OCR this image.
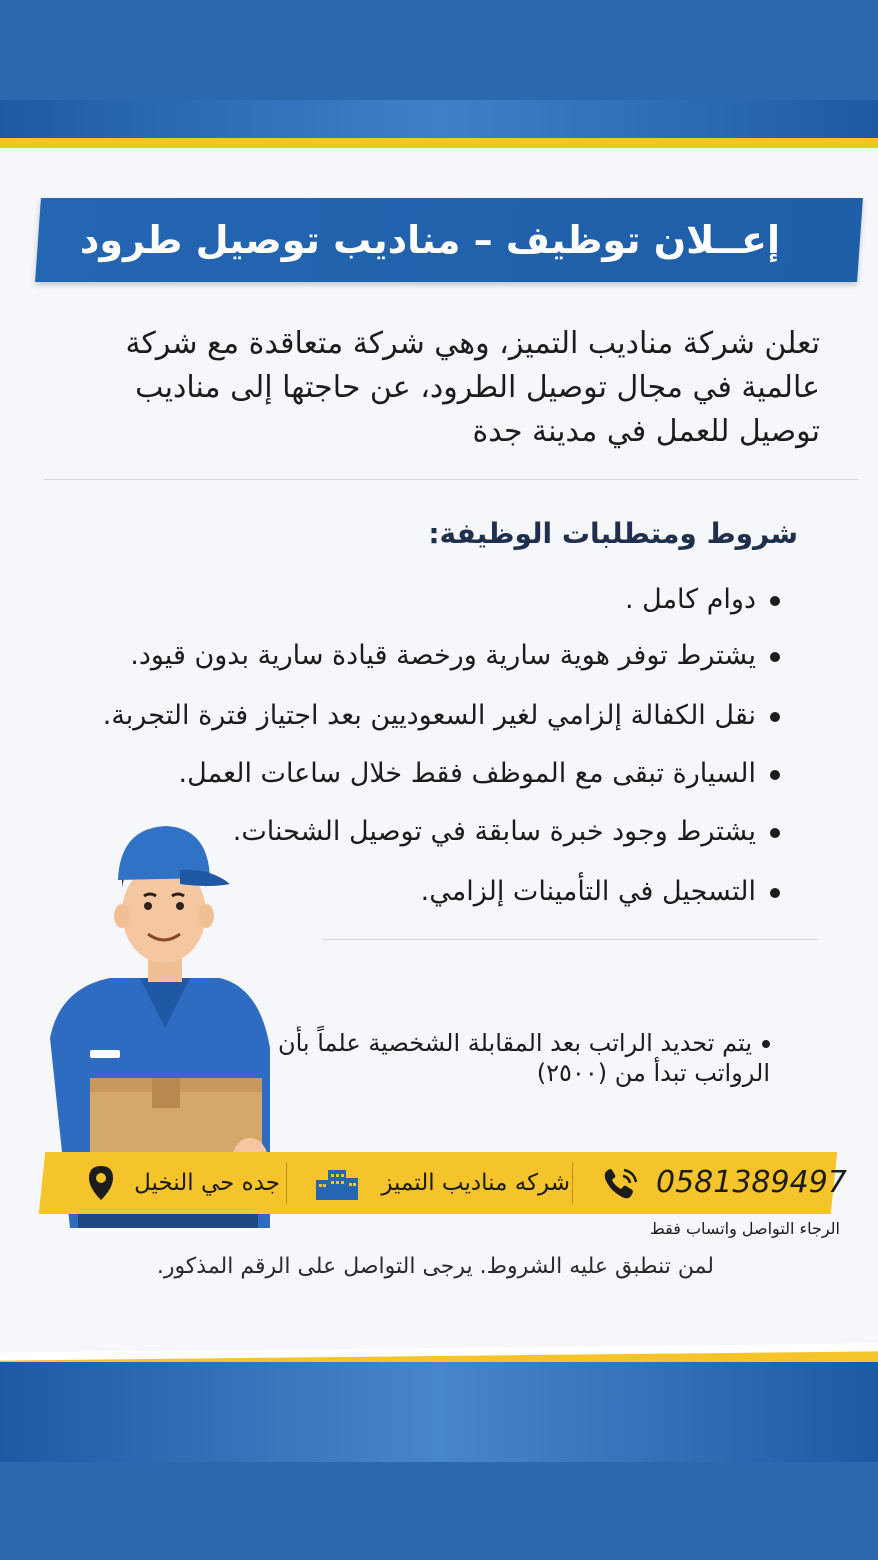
إعــلان توظيف – مناديب توصيل طرود
تعلن شركة مناديب التميز، وهي شركة متعاقدة مع شركة عالمية في مجال توصيل الطرود، عن حاجتها إلى مناديب توصيل للعمل في مدينة جدة
شروط ومتطلبات الوظيفة:
دوام كامل .
يشترط توفر هوية سارية ورخصة قيادة سارية بدون قيود.
نقل الكفالة إلزامي لغير السعوديين بعد اجتياز فترة التجربة.
السيارة تبقى مع الموظف فقط خلال ساعات العمل.
يشترط وجود خبرة سابقة في توصيل الشحنات.
التسجيل في التأمينات إلزامي.
يتم تحديد الراتب بعد المقابلة الشخصية علماً بأن الرواتب تبدأ من (٢٥٠٠)
0581389497
شركه مناديب التميز
جده حي النخيل
الرجاء التواصل واتساب فقط
لمن تنطبق عليه الشروط. يرجى التواصل على الرقم المذكور.
